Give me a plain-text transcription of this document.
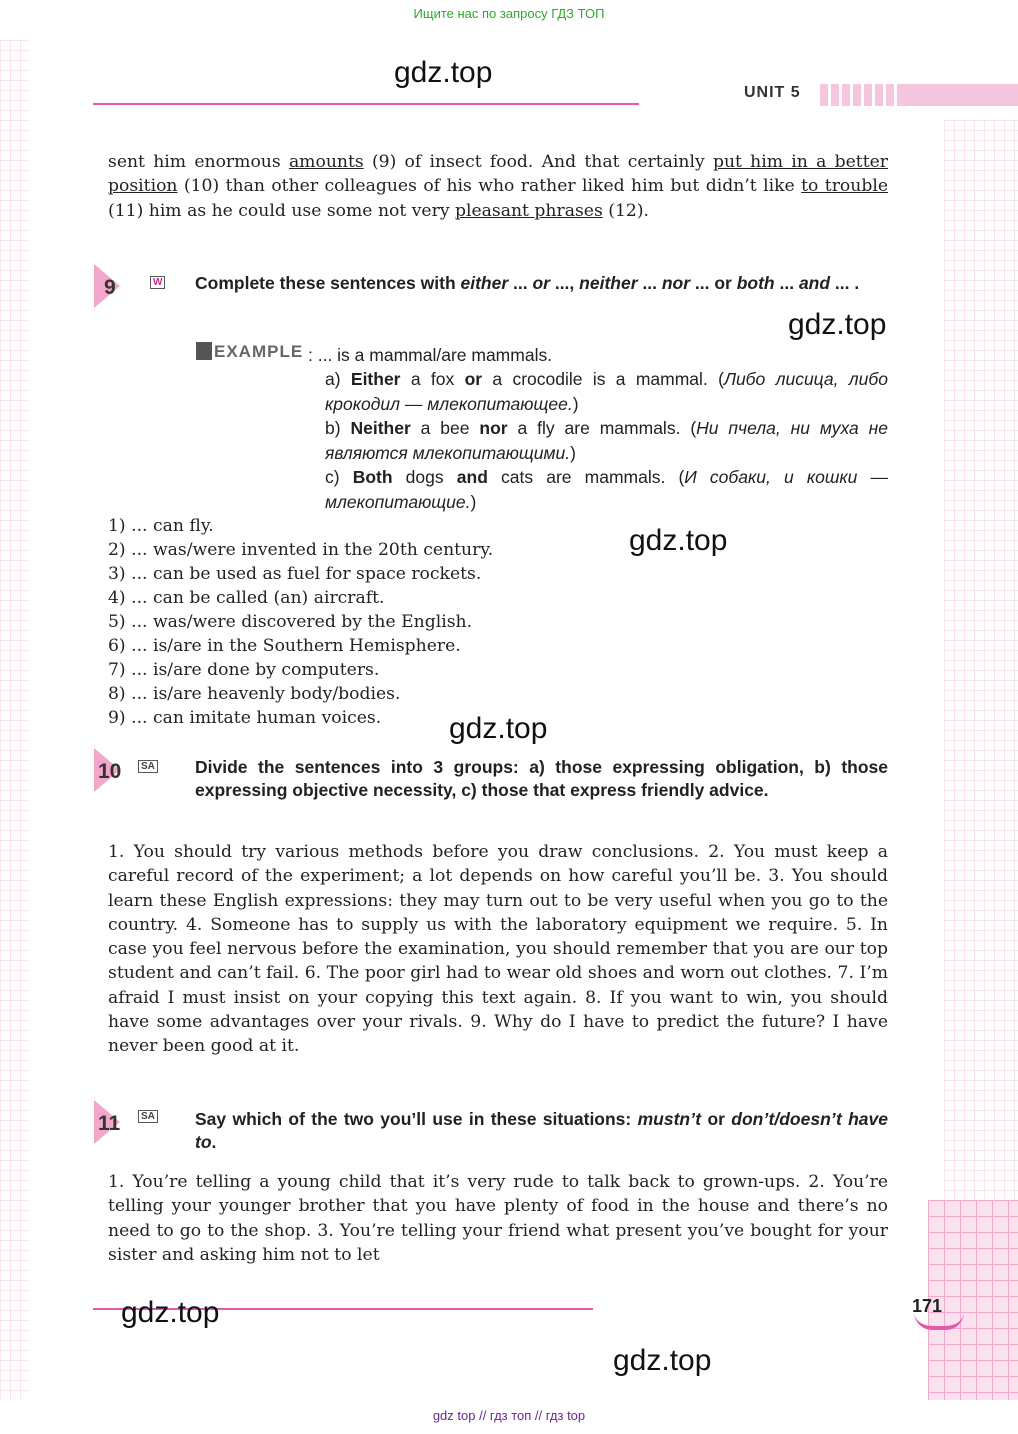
Ищите нас по запросу ГДЗ ТОП
gdz.top
UNIT 5
sent him enormous amounts (9) of insect food. And that certainly put him in a better position (10) than other colleagues of his who rather liked him but didn’t like to trouble (11) him as he could use some not very pleasant phrases (12).
9	W Complete these sentences with either ... or ..., neither ... nor ... or both ... and ... .
gdz.top
EXAMPLE : ... is a mammal/are mammals.
a) Either a fox or a crocodile is a mammal. (Либо лисица, либо крокодил — млекопитающее.)
b) Neither a bee nor a fly are mammals. (Ни пчела, ни муха не являются млекопитающими.)
c) Both dogs and cats are mammals. (И собаки, и кошки — млекопитающие.)
1) ... can fly.
2) ... was/were invented in the 20th century.
3) ... can be used as fuel for space rockets.
4) ... can be called (an) aircraft.
5) ... was/were discovered by the English.
6) ... is/are in the Southern Hemisphere.
7) ... is/are done by computers.
8) ... is/are heavenly body/bodies.
9) ... can imitate human voices.
gdz.top
gdz.top
10	SA Divide the sentences into 3 groups: a) those expressing obligation, b) those expressing objective necessity, c) those that express friendly advice.
1. You should try various methods before you draw conclusions. 2. You must keep a careful record of the experiment; a lot depends on how careful you’ll be. 3. You should learn these English expressions: they may turn out to be very useful when you go to the country. 4. Someone has to supply us with the laboratory equipment we require. 5. In case you feel nervous before the examination, you should remember that you are our top student and can’t fail. 6. The poor girl had to wear old shoes and worn out clothes. 7. I’m afraid I must insist on your copying this text again. 8. If you want to win, you should have some advantages over your rivals. 9. Why do I have to predict the future? I have never been good at it.
11	SA Say which of the two you’ll use in these situations: mustn’t or don’t/doesn’t have to.
1. You’re telling a young child that it’s very rude to talk back to grown-ups. 2. You’re telling your younger brother that you have plenty of food in the house and there’s no need to go to the shop. 3. You’re telling your friend what present you’ve bought for your sister and asking him not to let
gdz.top	171
gdz.top
gdz top // гдз топ // гдз top
